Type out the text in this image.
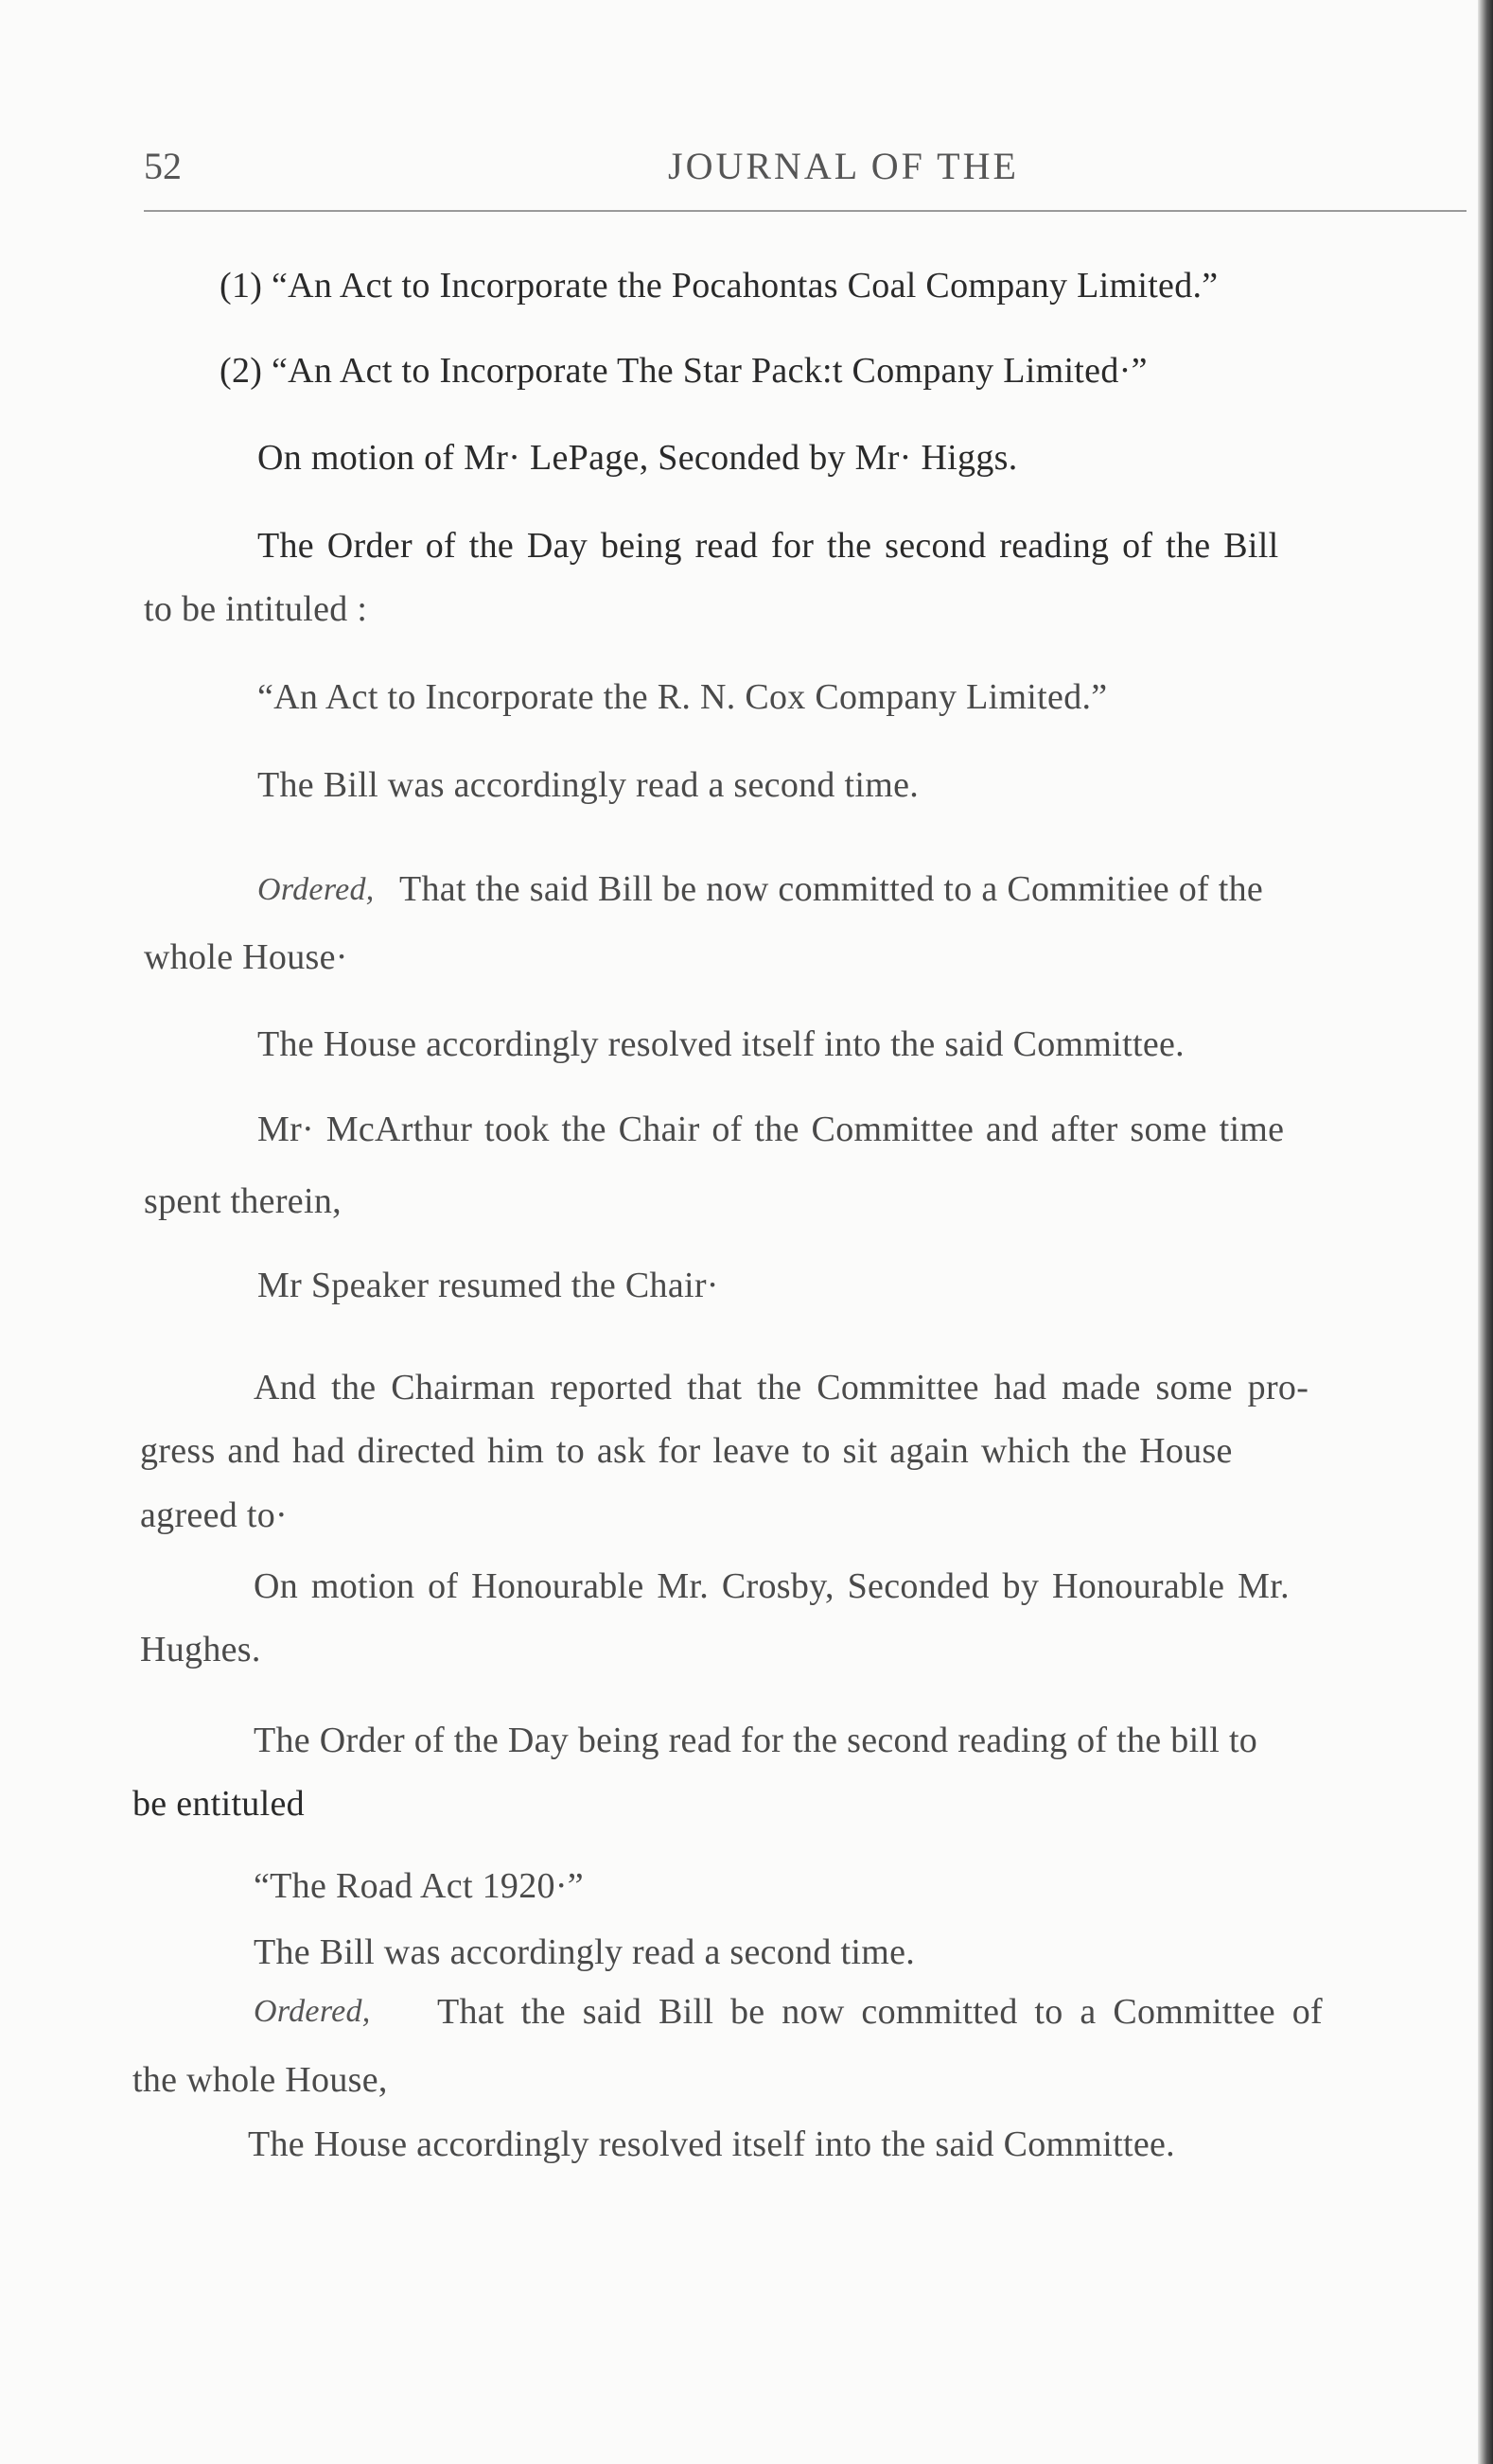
52	JOURNAL OF THE
(1) “An Act to Incorporate the Pocahontas Coal Company Limited.”
(2) “An Act to Incorporate The Star Pack:t Company Limited·”
On motion of Mr· LePage, Seconded by Mr· Higgs.
The Order of the Day being read for the second reading of the Bill
to be intituled :
“An Act to Incorporate the R. N. Cox Company Limited.”
The Bill was accordingly read a second time.
Ordered, That the said Bill be now committed to a Commitiee of the
whole House·
The House accordingly resolved itself into the said Committee.
Mr· McArthur took the Chair of the Committee and after some time
spent therein,
Mr Speaker resumed the Chair·
And the Chairman reported that the Committee had made some pro-
gress and had directed him to ask for leave to sit again which the House
agreed to·
On motion of Honourable Mr. Crosby, Seconded by Honourable Mr.
Hughes.
The Order of the Day being read for the second reading of the bill to
be entituled
“The Road Act 1920·”
The Bill was accordingly read a second time.
Ordered, That the said Bill be now committed to a Committee of
the whole House,
The House accordingly resolved itself into the said Committee.
